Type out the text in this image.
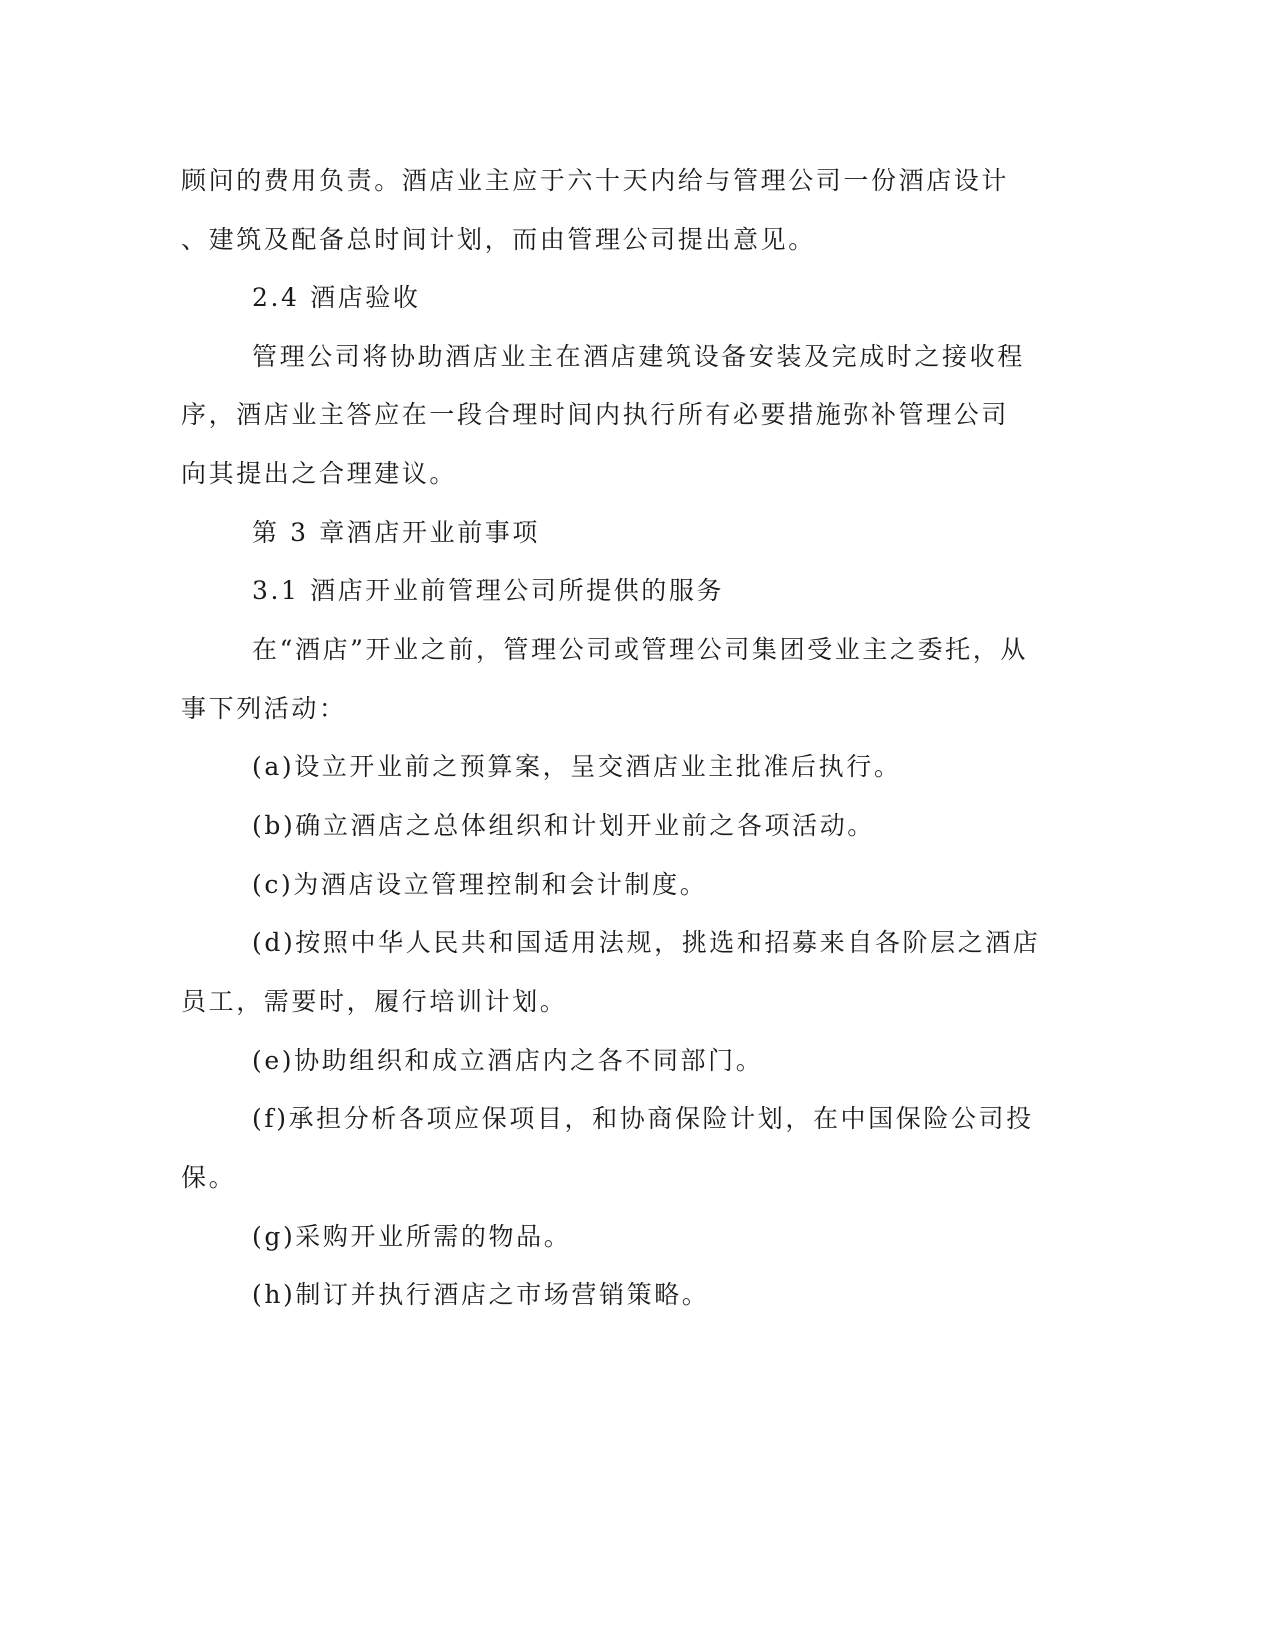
顾问的费用负责。酒店业主应于六十天内给与管理公司一份酒店设计
、建筑及配备总时间计划，而由管理公司提出意见。
2.4 酒店验收
管理公司将协助酒店业主在酒店建筑设备安装及完成时之接收程
序，酒店业主答应在一段合理时间内执行所有必要措施弥补管理公司
向其提出之合理建议。
第 3 章酒店开业前事项
3.1 酒店开业前管理公司所提供的服务
在“酒店”开业之前，管理公司或管理公司集团受业主之委托，从
事下列活动：
(a)设立开业前之预算案，呈交酒店业主批准后执行。
(b)确立酒店之总体组织和计划开业前之各项活动。
(c)为酒店设立管理控制和会计制度。
(d)按照中华人民共和国适用法规，挑选和招募来自各阶层之酒店
员工，需要时，履行培训计划。
(e)协助组织和成立酒店内之各不同部门。
(f)承担分析各项应保项目，和协商保险计划，在中国保险公司投
保。
(g)采购开业所需的物品。
(h)制订并执行酒店之市场营销策略。
